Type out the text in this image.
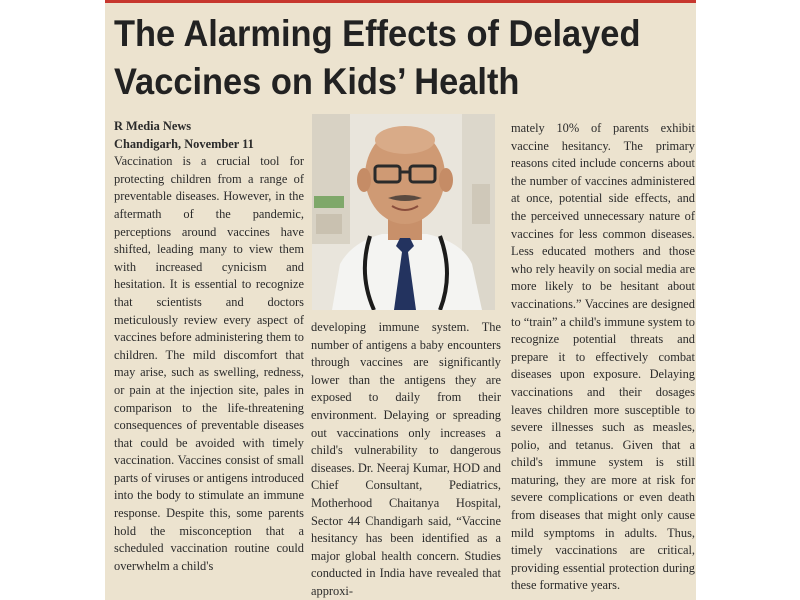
The Alarming Effects of Delayed
Vaccines on Kids’ Health

R Media News

Chandigarh, November 11

Vaccination is a crucial tool for protecting children from a range of preventable diseases. However, in the aftermath of the pandemic, perceptions around vaccines have shifted, leading many to view them with increased cynicism and hesitation. It is essential to recognize that scientists and doctors meticulously review every aspect of vaccines before administering them to children. The mild discomfort that may arise, such as swelling, redness, or pain at the injection site, pales in comparison to the life-threatening consequences of preventable diseases that could be avoided with timely vaccination. Vaccines consist of small parts of viruses or antigens introduced into the body to stimulate an immune response. Despite this, some parents hold the misconception that a scheduled vaccination routine could overwhelm a child's

developing immune system. The number of antigens a baby encounters through vaccines are significantly lower than the antigens they are exposed to daily from their environment. Delaying or spreading out vaccinations only increases a child's vulnerability to dangerous diseases. Dr. Neeraj Kumar, HOD and Chief Consultant, Pediatrics, Motherhood Chaitanya Hospital, Sector 44 Chandigarh said, “Vaccine hesitancy has been identified as a major global health concern. Studies conducted in India have revealed that approxi-

mately 10% of parents exhibit vaccine hesitancy. The primary reasons cited include concerns about the number of vaccines administered at once, potential side effects, and the perceived unnecessary nature of vaccines for less common diseases. Less educated mothers and those who rely heavily on social media are more likely to be hesitant about vaccinations.” Vaccines are designed to “train” a child's immune system to recognize potential threats and prepare it to effectively combat diseases upon exposure. Delaying vaccinations and their dosages leaves children more susceptible to severe illnesses such as measles, polio, and tetanus. Given that a child's immune system is still maturing, they are more at risk for severe complications or even death from diseases that might only cause mild symptoms in adults. Thus, timely vaccinations are critical, providing essential protection during these formative years.
